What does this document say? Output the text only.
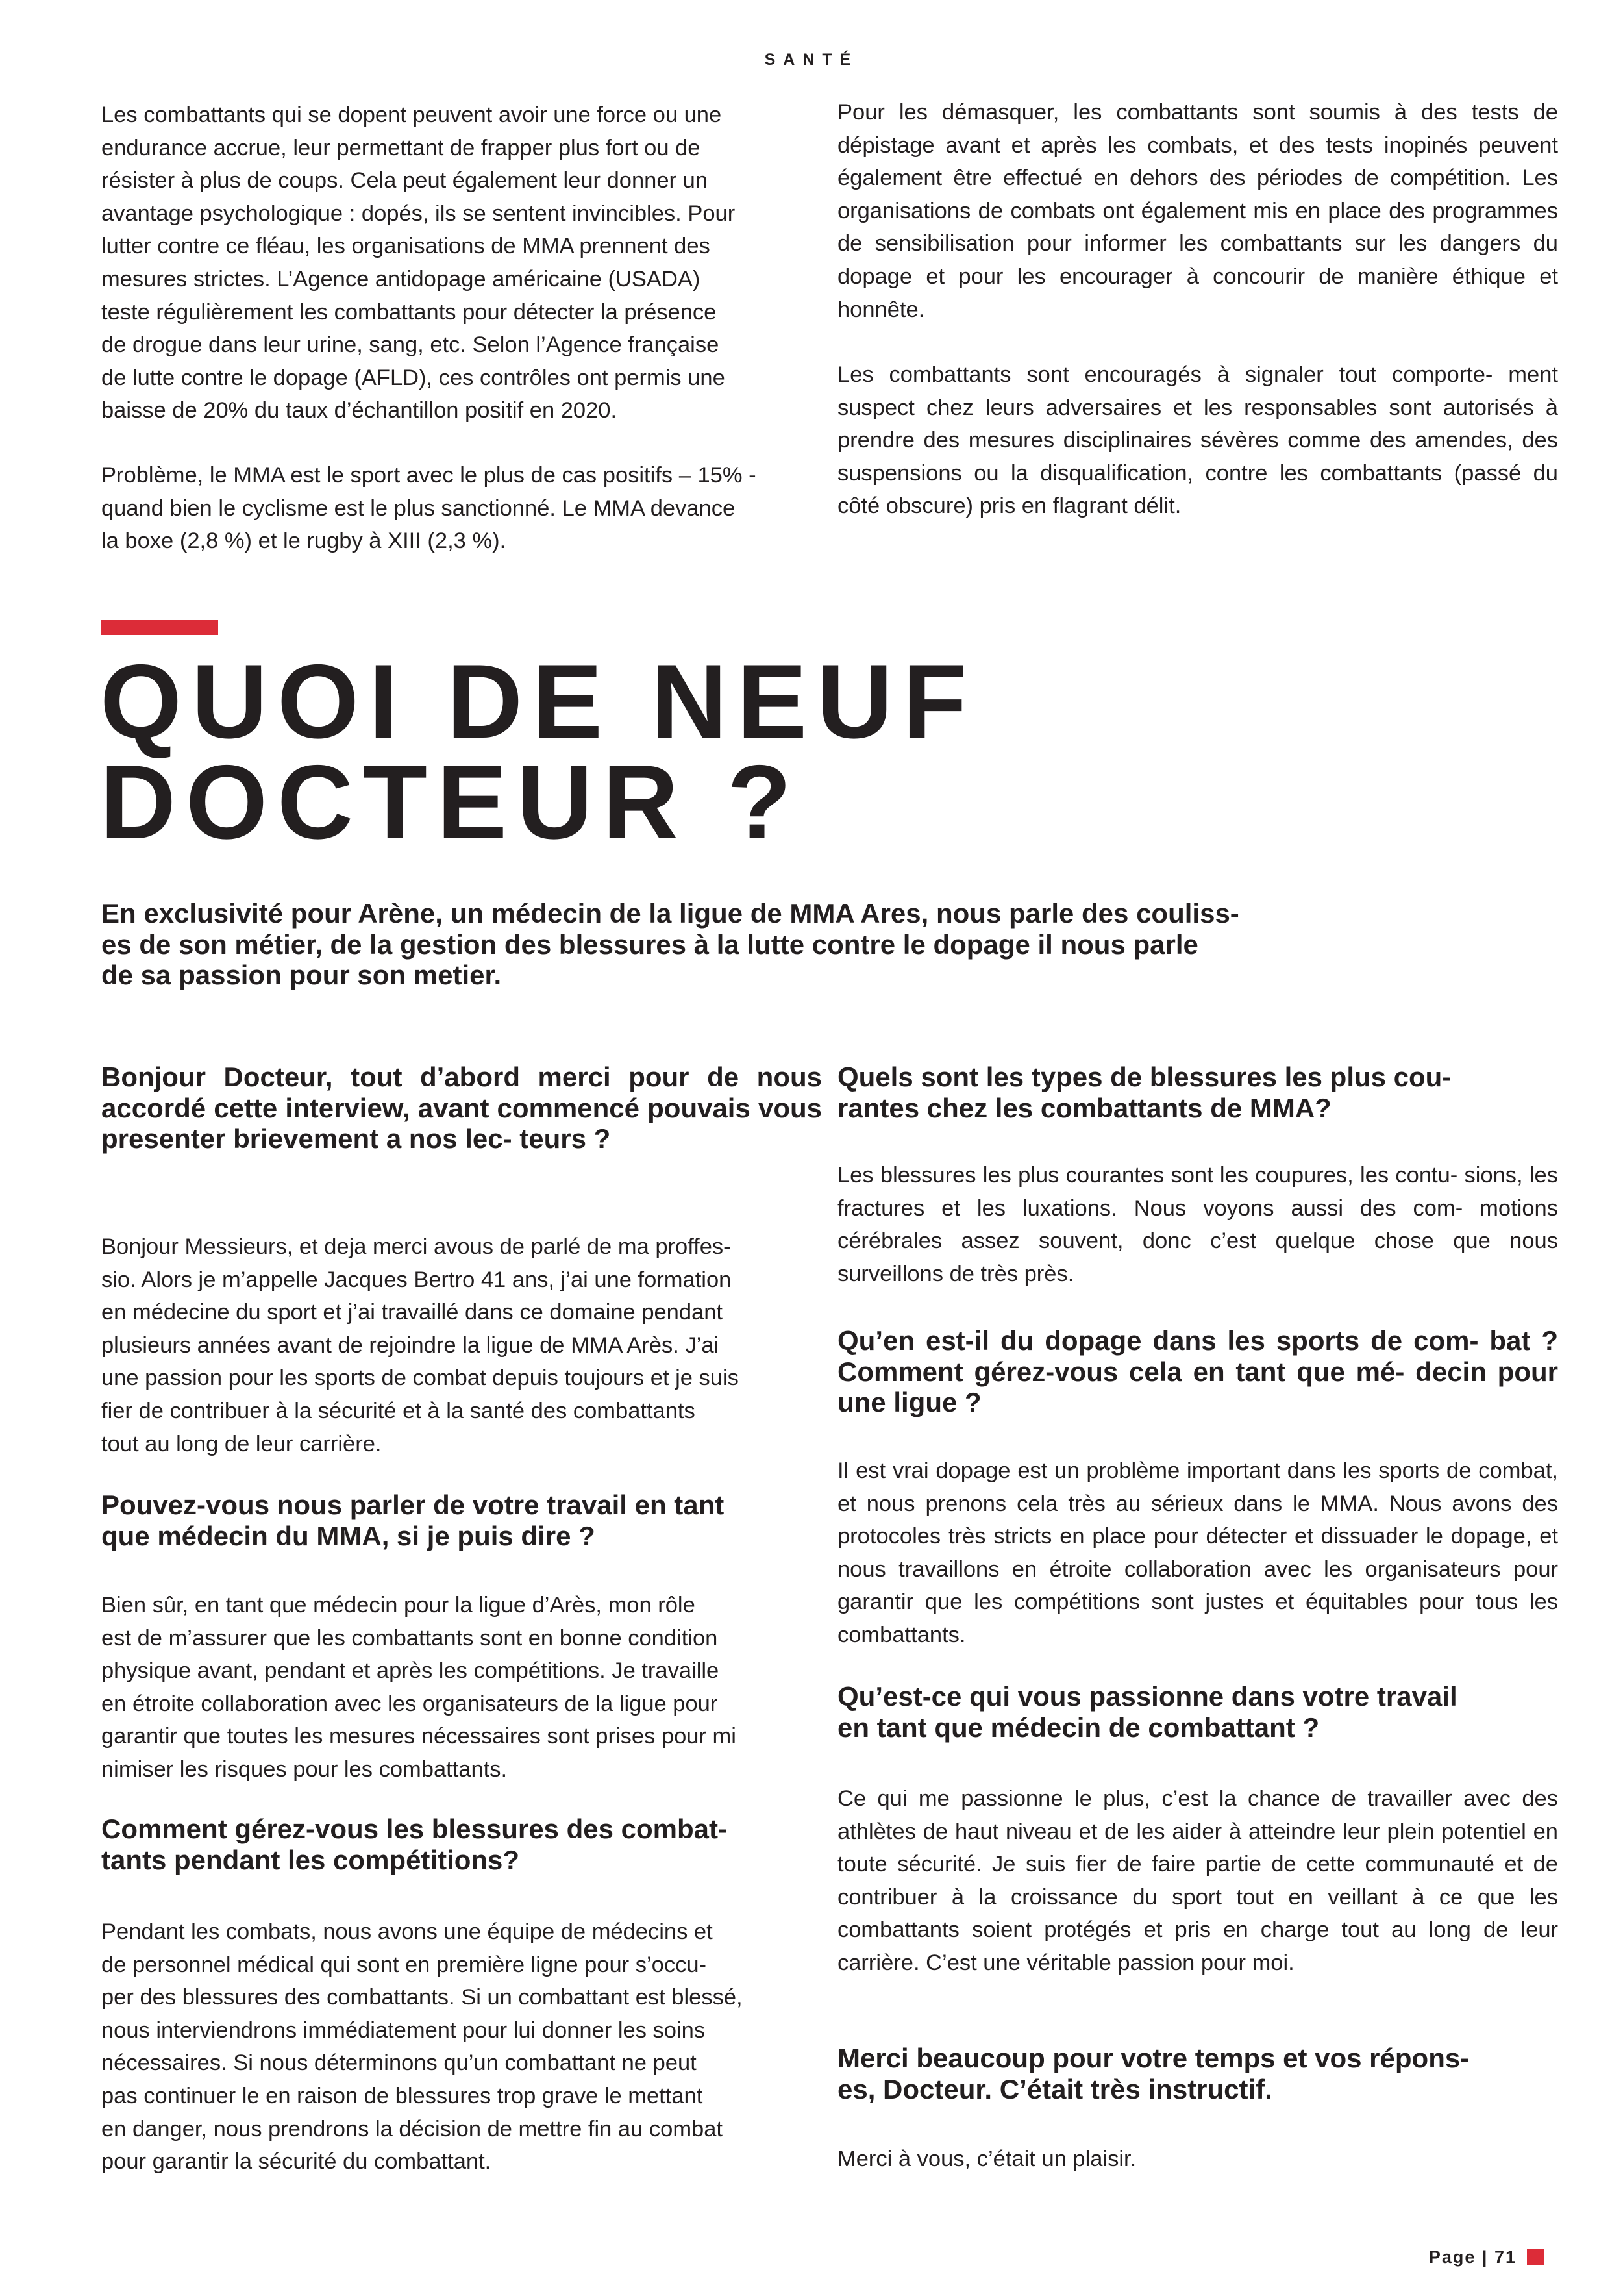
SANTÉ

Les combattants qui se dopent peuvent avoir une force ou une
endurance accrue, leur permettant de frapper plus fort ou de
résister à plus de coups. Cela peut également leur donner un
avantage psychologique : dopés, ils se sentent invincibles. Pour
lutter contre ce fléau, les organisations de MMA prennent des
mesures strictes. L’Agence antidopage américaine (USADA)
teste régulièrement les combattants pour détecter la présence
de drogue dans leur urine, sang, etc. Selon l’Agence française
de lutte contre le dopage (AFLD), ces contrôles ont permis une
baisse de 20% du taux d’échantillon positif en 2020.

Problème, le MMA est le sport avec le plus de cas positifs – 15% -
quand bien le cyclisme est le plus sanctionné. Le MMA devance
la boxe (2,8 %) et le rugby à XIII (2,3 %).

Pour les démasquer, les combattants sont soumis à des tests de dépistage avant et après les combats, et des tests inopinés peuvent également être effectué en dehors des périodes de compétition. Les organisations de combats ont également mis en place des programmes de sensibilisation pour informer les combattants sur les dangers du dopage et pour les encourager à concourir de manière éthique et honnête.

Les combattants sont encouragés à signaler tout comporte- ment suspect chez leurs adversaires et les responsables sont autorisés à prendre des mesures disciplinaires sévères comme des amendes, des suspensions ou la disqualification, contre les combattants (passé du côté obscure) pris en flagrant délit.

QUOI DE NEUF
DOCTEUR ?

En exclusivité pour Arène, un médecin de la ligue de MMA Ares, nous parle des couliss-
es de son métier, de la gestion des blessures à la lutte contre le dopage il nous parle
de sa passion pour son metier.

Bonjour Docteur, tout d’abord merci pour de nous accordé cette interview, avant commencé pouvais vous presenter brievement a nos lec- teurs ?

Bonjour Messieurs, et deja merci avous de parlé de ma proffes-
sio. Alors je m’appelle Jacques Bertro 41 ans, j’ai une formation
en médecine du sport et j’ai travaillé dans ce domaine pendant
plusieurs années avant de rejoindre la ligue de MMA Arès. J’ai
une passion pour les sports de combat depuis toujours et je suis
fier de contribuer à la sécurité et à la santé des combattants
tout au long de leur carrière.

Pouvez-vous nous parler de votre travail en tant
que médecin du MMA, si je puis dire ?

Bien sûr, en tant que médecin pour la ligue d’Arès, mon rôle
est de m’assurer que les combattants sont en bonne condition
physique avant, pendant et après les compétitions. Je travaille
en étroite collaboration avec les organisateurs de la ligue pour
garantir que toutes les mesures nécessaires sont prises pour mi
nimiser les risques pour les combattants.

Comment gérez-vous les blessures des combat-
tants pendant les compétitions?

Pendant les combats, nous avons une équipe de médecins et
de personnel médical qui sont en première ligne pour s’occu-
per des blessures des combattants. Si un combattant est blessé,
nous interviendrons immédiatement pour lui donner les soins
nécessaires. Si nous déterminons qu’un combattant ne peut
pas continuer le en raison de blessures trop grave le mettant
en danger, nous prendrons la décision de mettre fin au combat
pour garantir la sécurité du combattant.

Quels sont les types de blessures les plus cou-
rantes chez les combattants de MMA?

Les blessures les plus courantes sont les coupures, les contu- sions, les fractures et les luxations. Nous voyons aussi des com- motions cérébrales assez souvent, donc c’est quelque chose que nous surveillons de très près.

Qu’en est-il du dopage dans les sports de com- bat ? Comment gérez-vous cela en tant que mé- decin pour une ligue ?

Il est vrai dopage est un problème important dans les sports de combat, et nous prenons cela très au sérieux dans le MMA. Nous avons des protocoles très stricts en place pour détecter et dissuader le dopage, et nous travaillons en étroite collaboration avec les organisateurs pour garantir que les compétitions sont justes et équitables pour tous les combattants.

Qu’est-ce qui vous passionne dans votre travail
en tant que médecin de combattant ?

Ce qui me passionne le plus, c’est la chance de travailler avec des athlètes de haut niveau et de les aider à atteindre leur plein potentiel en toute sécurité. Je suis fier de faire partie de cette communauté et de contribuer à la croissance du sport tout en veillant à ce que les combattants soient protégés et pris en charge tout au long de leur carrière. C’est une véritable passion pour moi.

Merci beaucoup pour votre temps et vos répons-
es, Docteur. C’était très instructif.

Merci à vous, c’était un plaisir.

Page | 71
